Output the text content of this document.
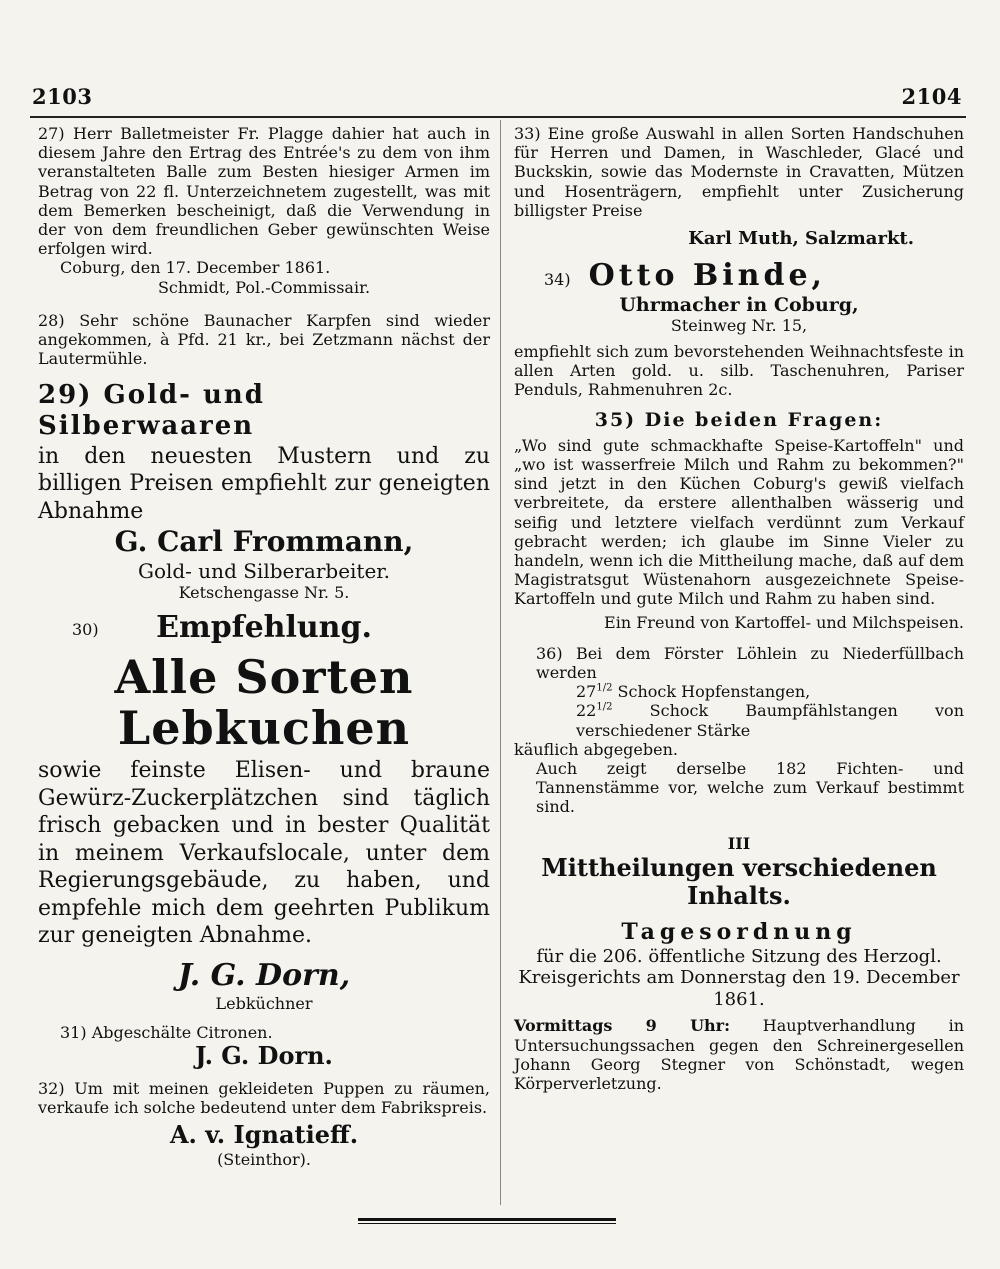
2103	2104
27) Herr Balletmeister Fr. Plagge dahier hat auch in diesem Jahre den Ertrag des Entrée's zu dem von ihm veranstalteten Balle zum Besten hiesiger Armen im Betrag von 22 fl. Unterzeichnetem zugestellt, was mit dem Bemerken bescheinigt, daß die Verwendung in der von dem freundlichen Geber gewünschten Weise erfolgen wird.
Coburg, den 17. December 1861.
Schmidt, Pol.-Commissair.
28) Sehr schöne Baunacher Karpfen sind wieder angekommen, à Pfd. 21 kr., bei Zetzmann nächst der Lautermühle.
29) Gold- und Silberwaaren
in den neuesten Mustern und zu billigen Preisen empfiehlt zur geneigten Abnahme
G. Carl Frommann,
Gold- und Silberarbeiter.
Ketschengasse Nr. 5.
30)	Empfehlung.
Alle Sorten Lebkuchen
sowie feinste Elisen- und braune Gewürz-Zuckerplätzchen sind täglich frisch gebacken und in bester Qualität in meinem Verkaufslocale, unter dem Regierungsgebäude, zu haben, und empfehle mich dem geehrten Publikum zur geneigten Abnahme.
J. G. Dorn,
Lebküchner
31) Abgeschälte Citronen.
J. G. Dorn.
32) Um mit meinen gekleideten Puppen zu räumen, verkaufe ich solche bedeutend unter dem Fabrikspreis.
A. v. Ignatieff.
(Steinthor).
33) Eine große Auswahl in allen Sorten Handschuhen für Herren und Damen, in Waschleder, Glacé und Buckskin, sowie das Modernste in Cravatten, Mützen und Hosenträgern, empfiehlt unter Zusicherung billigster Preise
Karl Muth, Salzmarkt.
34) Otto Binde,
Uhrmacher in Coburg,
Steinweg Nr. 15,
empfiehlt sich zum bevorstehenden Weihnachtsfeste in allen Arten gold. u. silb. Taschenuhren, Pariser Penduls, Rahmenuhren 2c.
35) Die beiden Fragen:
„Wo sind gute schmackhafte Speise-Kartoffeln" und „wo ist wasserfreie Milch und Rahm zu bekommen?" sind jetzt in den Küchen Coburg's gewiß vielfach verbreitete, da erstere allenthalben wässerig und seifig und letztere vielfach verdünnt zum Verkauf gebracht werden; ich glaube im Sinne Vieler zu handeln, wenn ich die Mittheilung mache, daß auf dem Magistratsgut Wüstenahorn ausgezeichnete Speise-Kartoffeln und gute Milch und Rahm zu haben sind.
Ein Freund von Kartoffel- und Milchspeisen.
36) Bei dem Förster Löhlein zu Niederfüllbach werden
$27^{1/2}$ Schock Hopfenstangen,
$22^{1/2}$ Schock Baumpfählstangen von verschiedener Stärke
käuflich abgegeben.
Auch zeigt derselbe 182 Fichten- und Tannenstämme vor, welche zum Verkauf bestimmt sind.
III
Mittheilungen verschiedenen Inhalts.
Tagesordnung
für die 206. öffentliche Sitzung des Herzogl. Kreisgerichts am Donnerstag den 19. December 1861.
Vormittags 9 Uhr: Hauptverhandlung in Untersuchungssachen gegen den Schreinergesellen Johann Georg Stegner von Schönstadt, wegen Körperverletzung.
